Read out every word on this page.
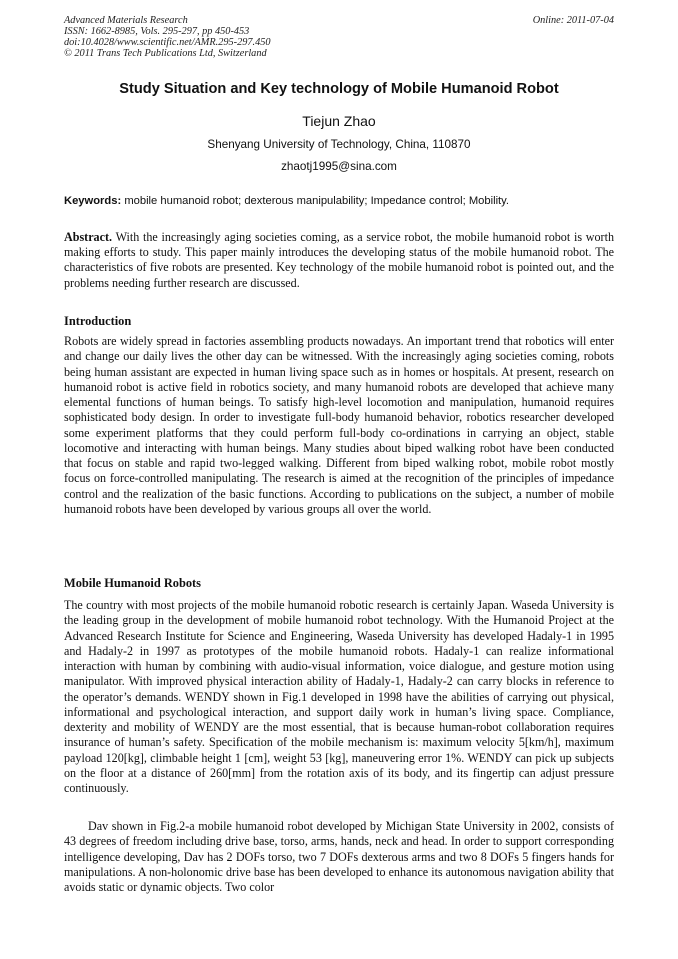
Advanced Materials Research
ISSN: 1662-8985, Vols. 295-297, pp 450-453
doi:10.4028/www.scientific.net/AMR.295-297.450
© 2011 Trans Tech Publications Ltd, Switzerland
Online: 2011-07-04
Study Situation and Key technology of Mobile Humanoid Robot
Tiejun Zhao
Shenyang University of Technology, China, 110870
zhaotj1995@sina.com
Keywords: mobile humanoid robot; dexterous manipulability; Impedance control; Mobility.
Abstract. With the increasingly aging societies coming, as a service robot, the mobile humanoid robot is worth making efforts to study. This paper mainly introduces the developing status of the mobile humanoid robot. The characteristics of five robots are presented. Key technology of the mobile humanoid robot is pointed out, and the problems needing further research are discussed.
Introduction
Robots are widely spread in factories assembling products nowadays. An important trend that robotics will enter and change our daily lives the other day can be witnessed. With the increasingly aging societies coming, robots being human assistant are expected in human living space such as in homes or hospitals. At present, research on humanoid robot is active field in robotics society, and many humanoid robots are developed that achieve many elemental functions of human beings. To satisfy high-level locomotion and manipulation, humanoid requires sophisticated body design. In order to investigate full-body humanoid behavior, robotics researcher developed some experiment platforms that they could perform full-body co-ordinations in carrying an object, stable locomotive and interacting with human beings. Many studies about biped walking robot have been conducted that focus on stable and rapid two-legged walking. Different from biped walking robot, mobile robot mostly focus on force-controlled manipulating. The research is aimed at the recognition of the principles of impedance control and the realization of the basic functions. According to publications on the subject, a number of mobile humanoid robots have been developed by various groups all over the world.
Mobile Humanoid Robots
The country with most projects of the mobile humanoid robotic research is certainly Japan. Waseda University is the leading group in the development of mobile humanoid robot technology. With the Humanoid Project at the Advanced Research Institute for Science and Engineering, Waseda University has developed Hadaly-1 in 1995 and Hadaly-2 in 1997 as prototypes of the mobile humanoid robots. Hadaly-1 can realize informational interaction with human by combining with audio-visual information, voice dialogue, and gesture motion using manipulator. With improved physical interaction ability of Hadaly-1, Hadaly-2 can carry blocks in reference to the operator’s demands. WENDY shown in Fig.1 developed in 1998 have the abilities of carrying out physical, informational and psychological interaction, and support daily work in human’s living space. Compliance, dexterity and mobility of WENDY are the most essential, that is because human-robot collaboration requires insurance of human’s safety. Specification of the mobile mechanism is: maximum velocity 5[km/h], maximum payload 120[kg], climbable height 1 [cm], weight 53 [kg], maneuvering error 1%. WENDY can pick up subjects on the floor at a distance of 260[mm] from the rotation axis of its body, and its fingertip can adjust pressure continuously.
Dav shown in Fig.2-a mobile humanoid robot developed by Michigan State University in 2002, consists of 43 degrees of freedom including drive base, torso, arms, hands, neck and head. In order to support corresponding intelligence developing, Dav has 2 DOFs torso, two 7 DOFs dexterous arms and two 8 DOFs 5 fingers hands for manipulations. A non-holonomic drive base has been developed to enhance its autonomous navigation ability that avoids static or dynamic objects. Two color
